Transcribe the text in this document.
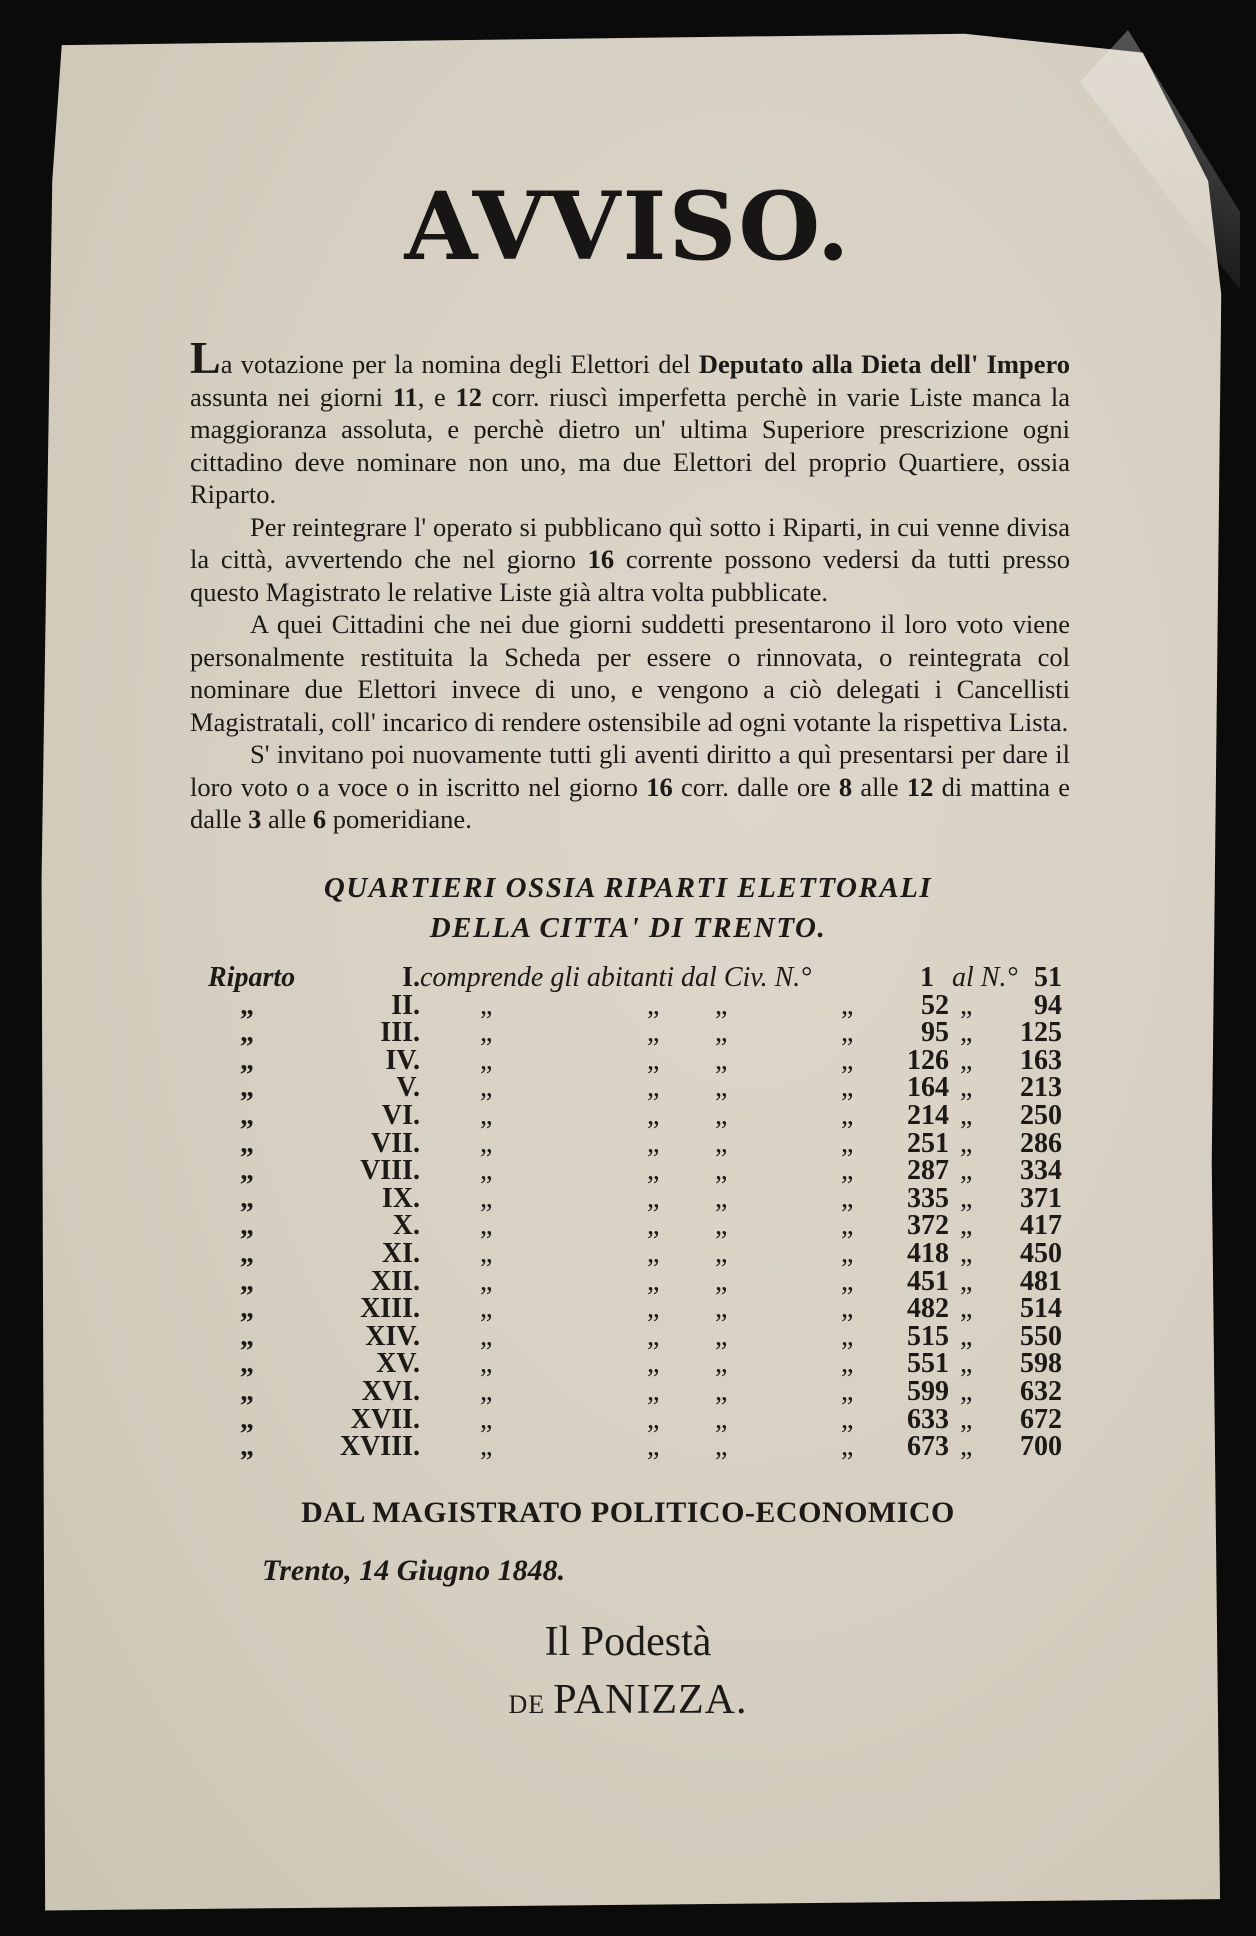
AVVISO.

La votazione per la nomina degli Elettori del Deputato alla Dieta dell' Impero assunta nei giorni 11, e 12 corr. riuscì imperfetta perchè in varie Liste manca la maggioranza assoluta, e perchè dietro un' ultima Superiore prescrizione ogni cittadino deve nominare non uno, ma due Elettori del proprio Quartiere, ossia Riparto.

Per reintegrare l' operato si pubblicano quì sotto i Riparti, in cui venne divisa la città, avvertendo che nel giorno 16 corrente possono vedersi da tutti presso questo Magistrato le relative Liste già altra volta pubblicate.

A quei Cittadini che nei due giorni suddetti presentarono il loro voto viene personalmente restituita la Scheda per essere o rinnovata, o reintegrata col nominare due Elettori invece di uno, e vengono a ciò delegati i Cancellisti Magistratali, coll' incarico di rendere ostensibile ad ogni votante la rispettiva Lista.

S' invitano poi nuovamente tutti gli aventi diritto a quì presentarsi per dare il loro voto o a voce o in iscritto nel giorno 16 corr. dalle ore 8 alle 12 di mattina e dalle 3 alle 6 pomeridiane.

QUARTIERI OSSIA RIPARTI ELETTORALI
DELLA CITTA' DI TRENTO.
Riparto	I. comprende gli abitanti dal Civ. N.°	1 al N.° 51
„	II. „	„ „	„	52 „	94
„	III. „	„ „	„	95 „	125
„	IV. „	„ „	„	126 „	163
„	V. „	„ „	„	164 „	213
„	VI. „	„ „	„	214 „	250
„	VII. „	„ „	„	251 „	286
„	VIII. „	„ „	„	287 „	334
„	IX. „	„ „	„	335 „	371
„	X. „	„ „	„	372 „	417
„	XI. „	„ „	„	418 „	450
„	XII. „	„ „	„	451 „	481
„	XIII. „	„ „	„	482 „	514
„	XIV. „	„ „	„	515 „	550
„	XV. „	„ „	„	551 „	598
„	XVI. „	„ „	„	599 „	632
„	XVII. „	„ „	„	633 „	672
„	XVIII. „	„ „	„	673 „	700
DAL MAGISTRATO POLITICO-ECONOMICO
Trento, 14 Giugno 1848.
Il Podestà
DE PANIZZA.
